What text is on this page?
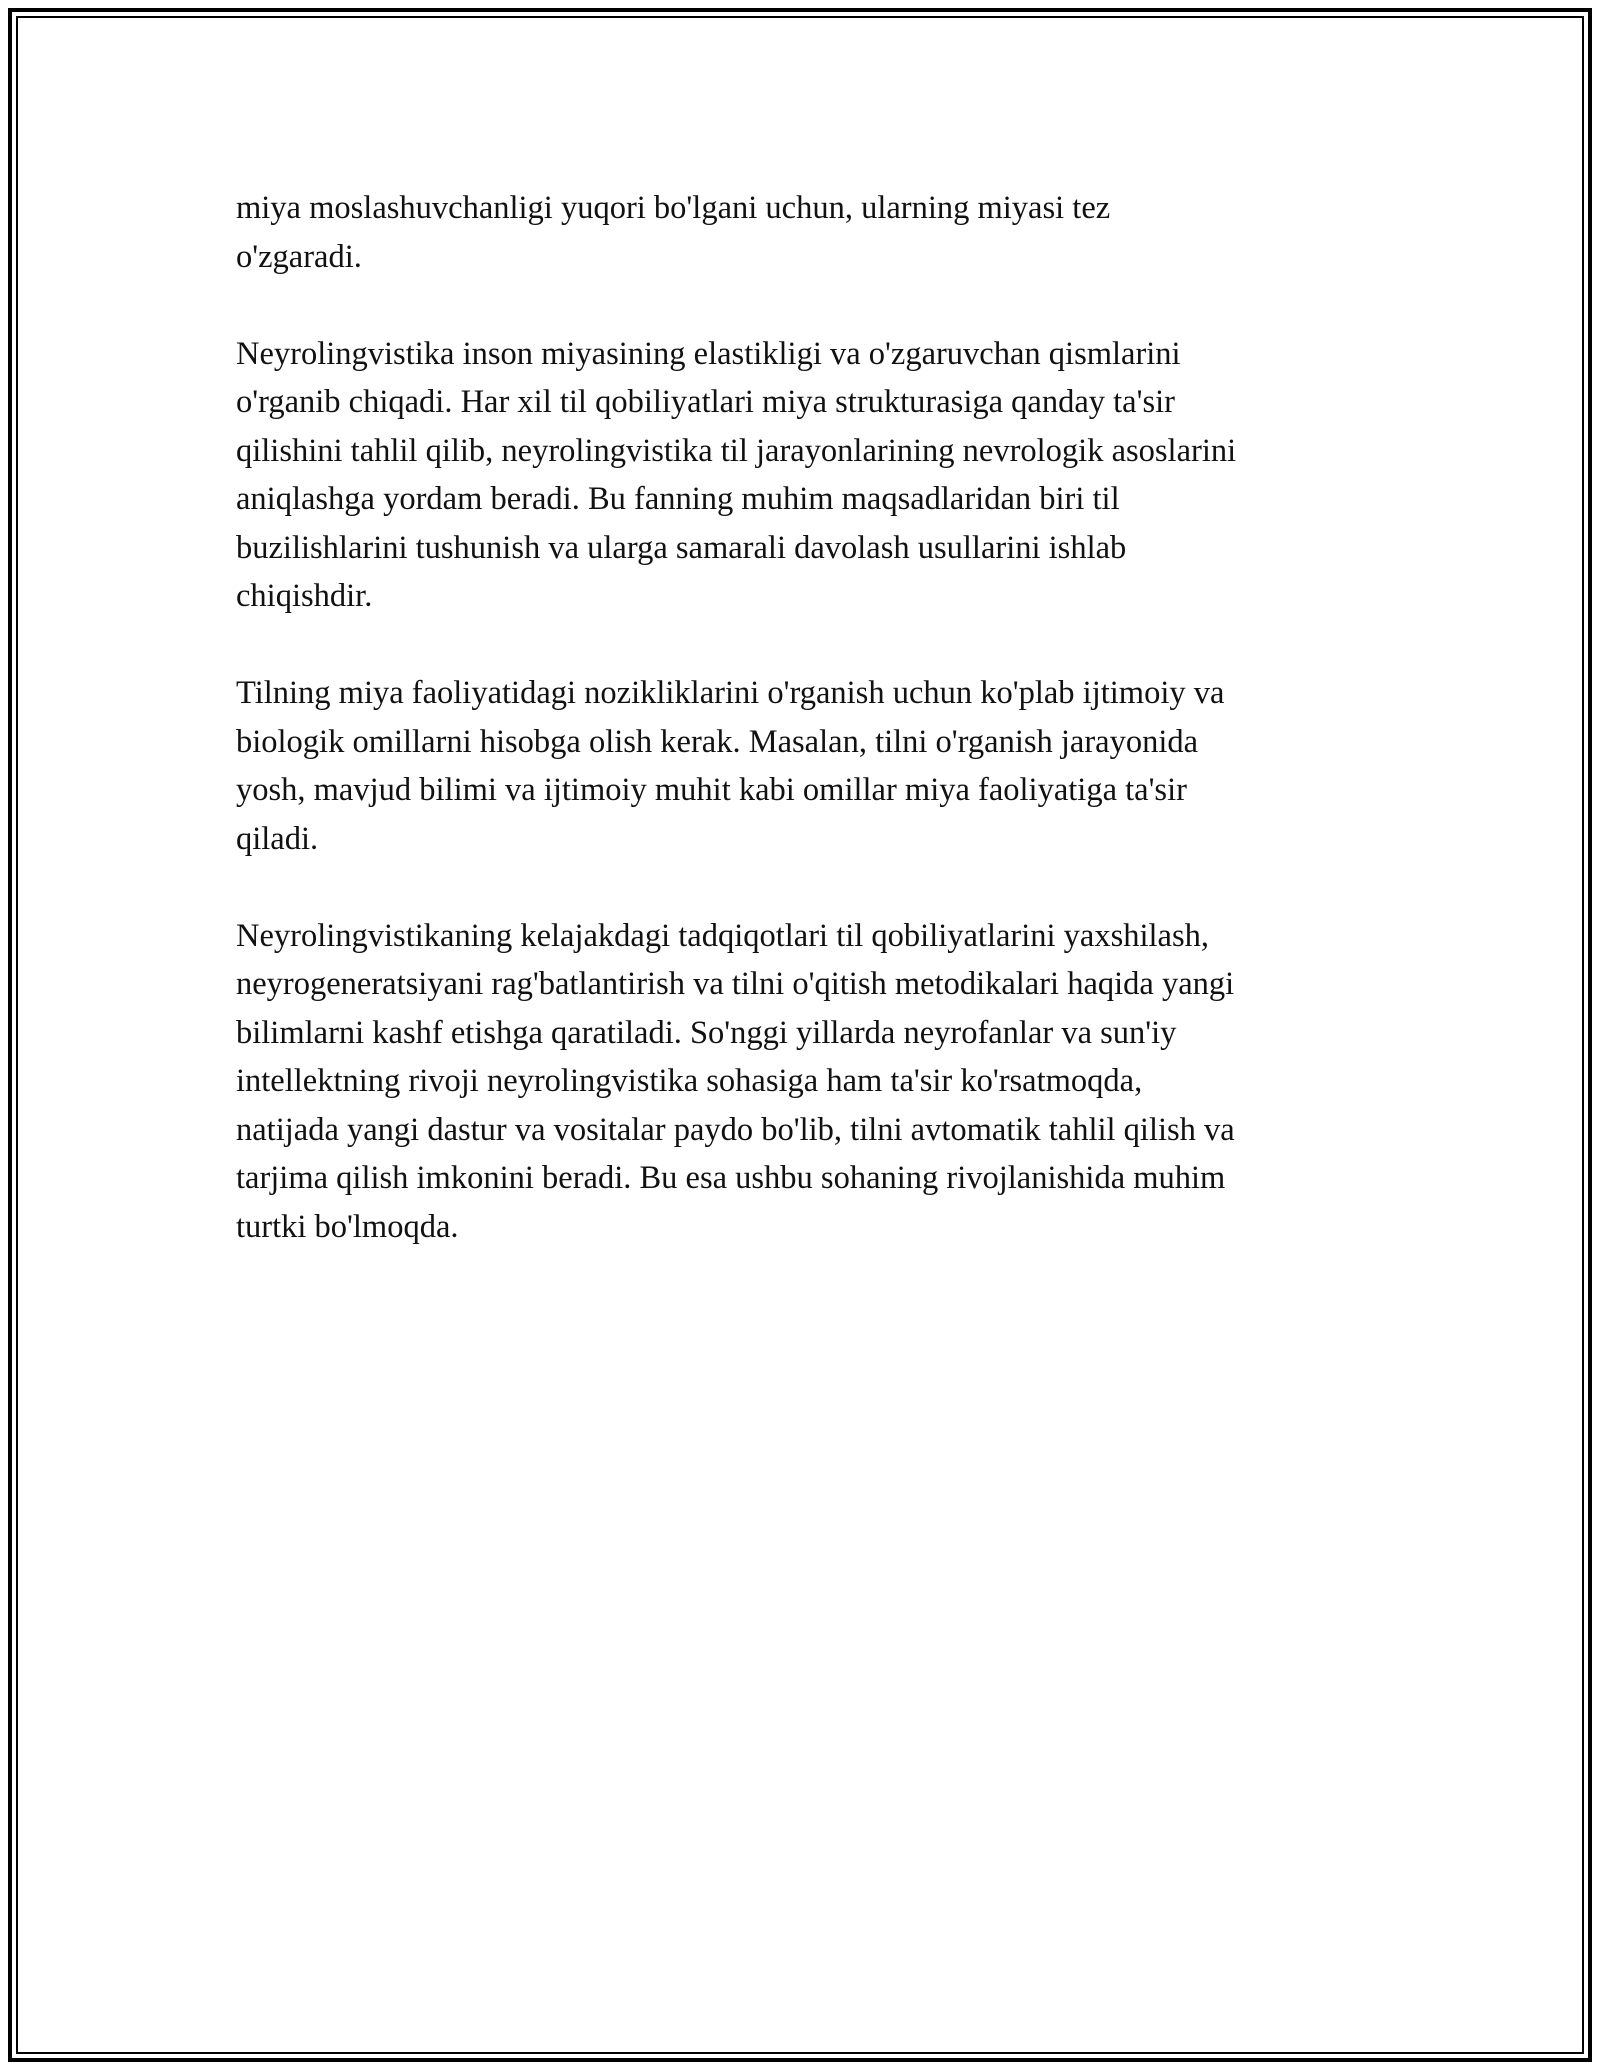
miya moslashuvchanligi yuqori bo'lgani uchun, ularning miyasi tez
o'zgaradi.

Neyrolingvistika inson miyasining elastikligi va o'zgaruvchan qismlarini
o'rganib chiqadi. Har xil til qobiliyatlari miya strukturasiga qanday ta'sir
qilishini tahlil qilib, neyrolingvistika til jarayonlarining nevrologik asoslarini
aniqlashga yordam beradi. Bu fanning muhim maqsadlaridan biri til
buzilishlarini tushunish va ularga samarali davolash usullarini ishlab
chiqishdir.

Tilning miya faoliyatidagi nozikliklarini o'rganish uchun ko'plab ijtimoiy va
biologik omillarni hisobga olish kerak. Masalan, tilni o'rganish jarayonida
yosh, mavjud bilimi va ijtimoiy muhit kabi omillar miya faoliyatiga ta'sir
qiladi.

Neyrolingvistikaning kelajakdagi tadqiqotlari til qobiliyatlarini yaxshilash,
neyrogeneratsiyani rag'batlantirish va tilni o'qitish metodikalari haqida yangi
bilimlarni kashf etishga qaratiladi. So'nggi yillarda neyrofanlar va sun'iy
intellektning rivoji neyrolingvistika sohasiga ham ta'sir ko'rsatmoqda,
natijada yangi dastur va vositalar paydo bo'lib, tilni avtomatik tahlil qilish va
tarjima qilish imkonini beradi. Bu esa ushbu sohaning rivojlanishida muhim
turtki bo'lmoqda.
